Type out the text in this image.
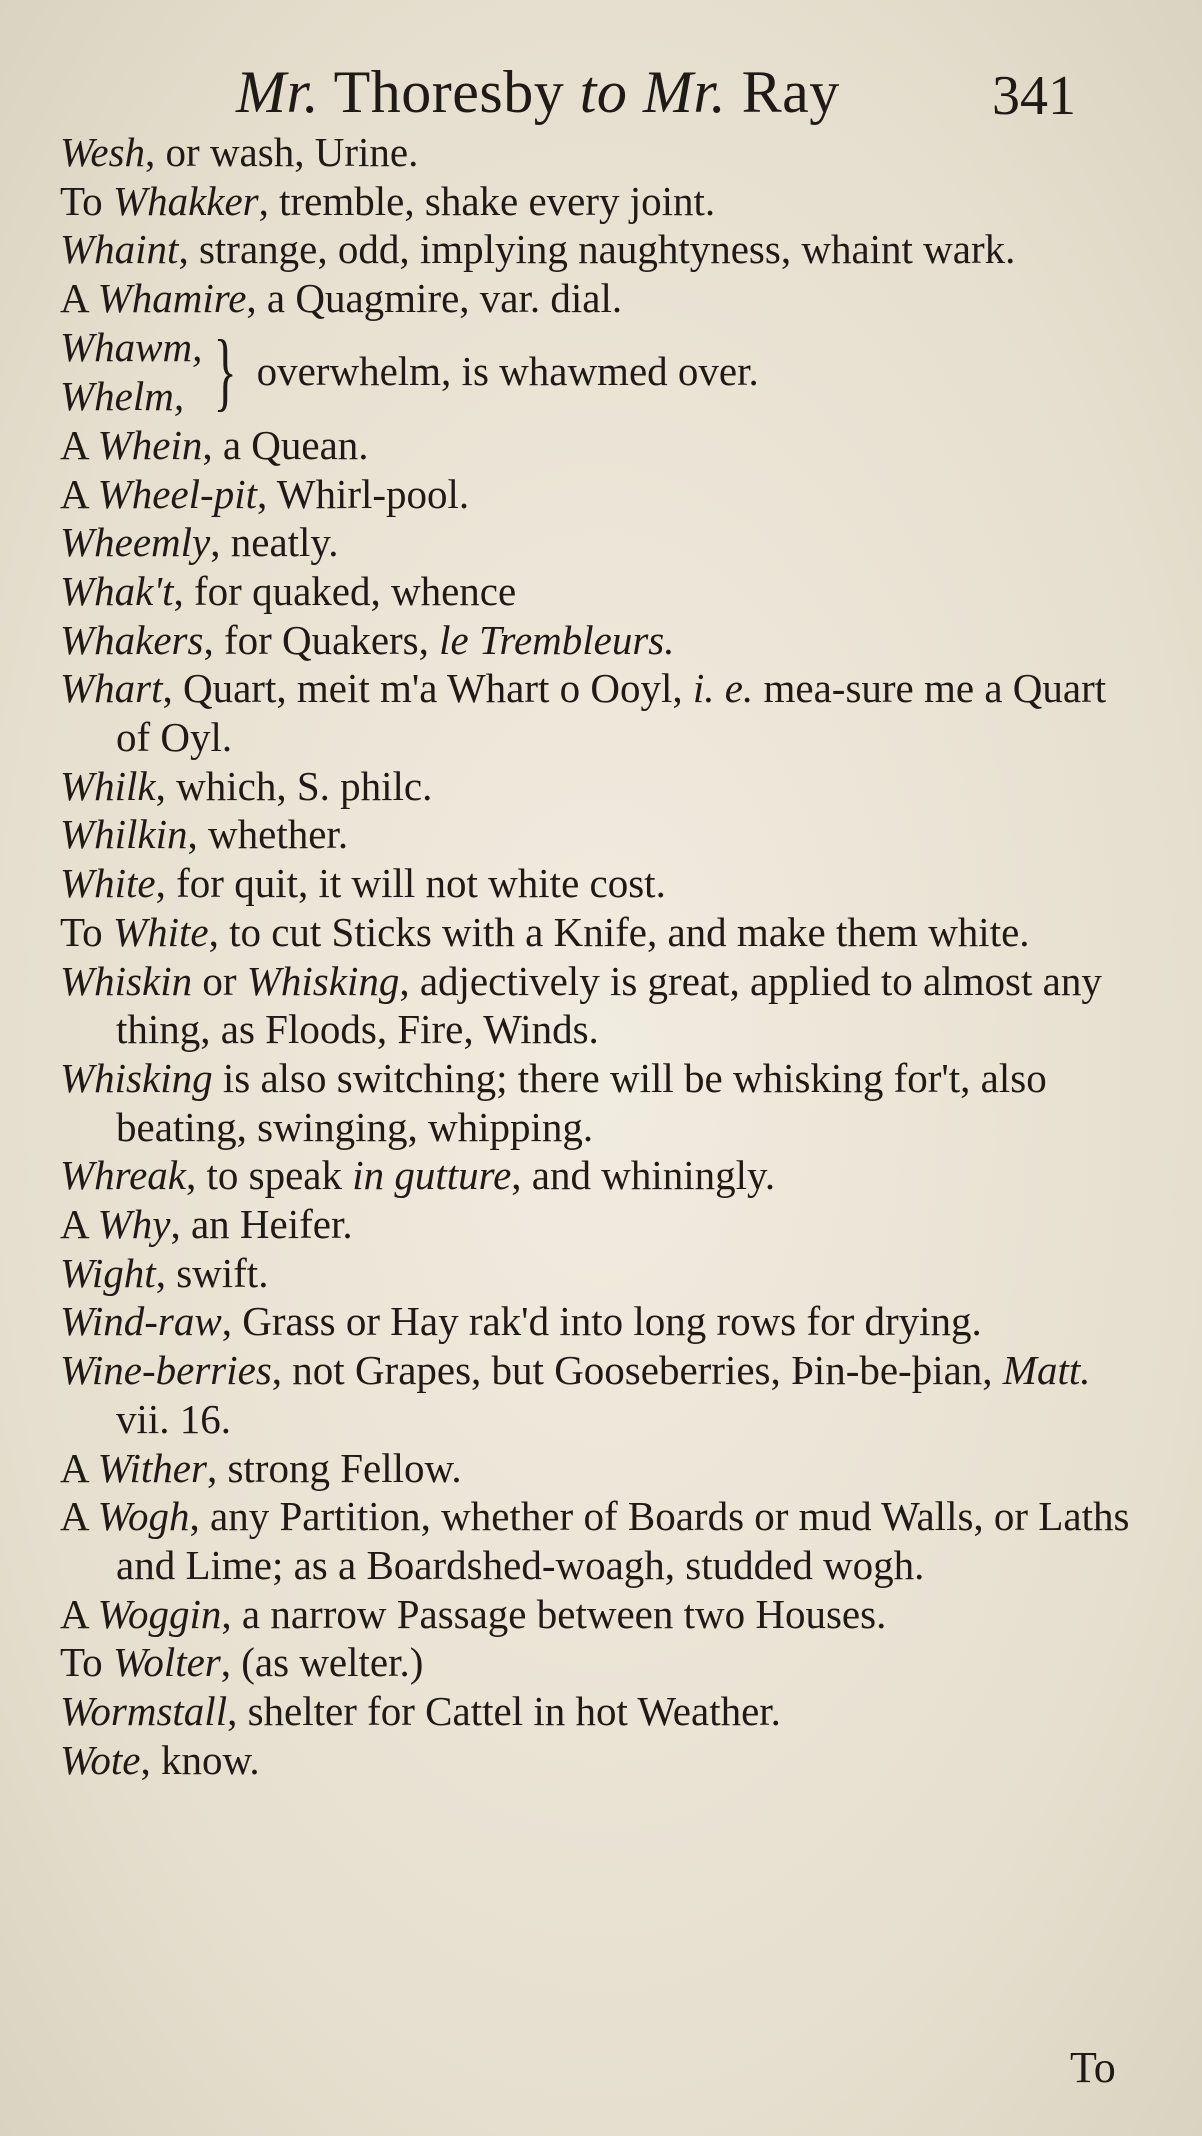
Mr. Thoresby to Mr. Ray	341

Wesh, or wash, Urine.

To Whakker, tremble, shake every joint.

Whaint, strange, odd, implying naughtyness, whaint wark.

A Whamire, a Quagmire, var. dial.

Whawm,
Whelm, } overwhelm, is whawmed over.

A Whein, a Quean.

A Wheel-pit, Whirl-pool.

Wheemly, neatly.

Whak't, for quaked, whence

Whakers, for Quakers, le Trembleurs.

Whart, Quart, meit m'a Whart o Ooyl, i. e. mea-sure me a Quart of Oyl.

Whilk, which, S. philc.

Whilkin, whether.

White, for quit, it will not white cost.

To White, to cut Sticks with a Knife, and make them white.

Whiskin or Whisking, adjectively is great, applied to almost any thing, as Floods, Fire, Winds.

Whisking is also switching; there will be whisking for't, also beating, swinging, whipping.

Whreak, to speak in gutture, and whiningly.

A Why, an Heifer.

Wight, swift.

Wind-raw, Grass or Hay rak'd into long rows for drying.

Wine-berries, not Grapes, but Gooseberries, Þin-be-þian, Matt. vii. 16.

A Wither, strong Fellow.

A Wogh, any Partition, whether of Boards or mud Walls, or Laths and Lime; as a Boardshed-woagh, studded wogh.

A Woggin, a narrow Passage between two Houses.

To Wolter, (as welter.)

Wormstall, shelter for Cattel in hot Weather.

Wote, know.

To
